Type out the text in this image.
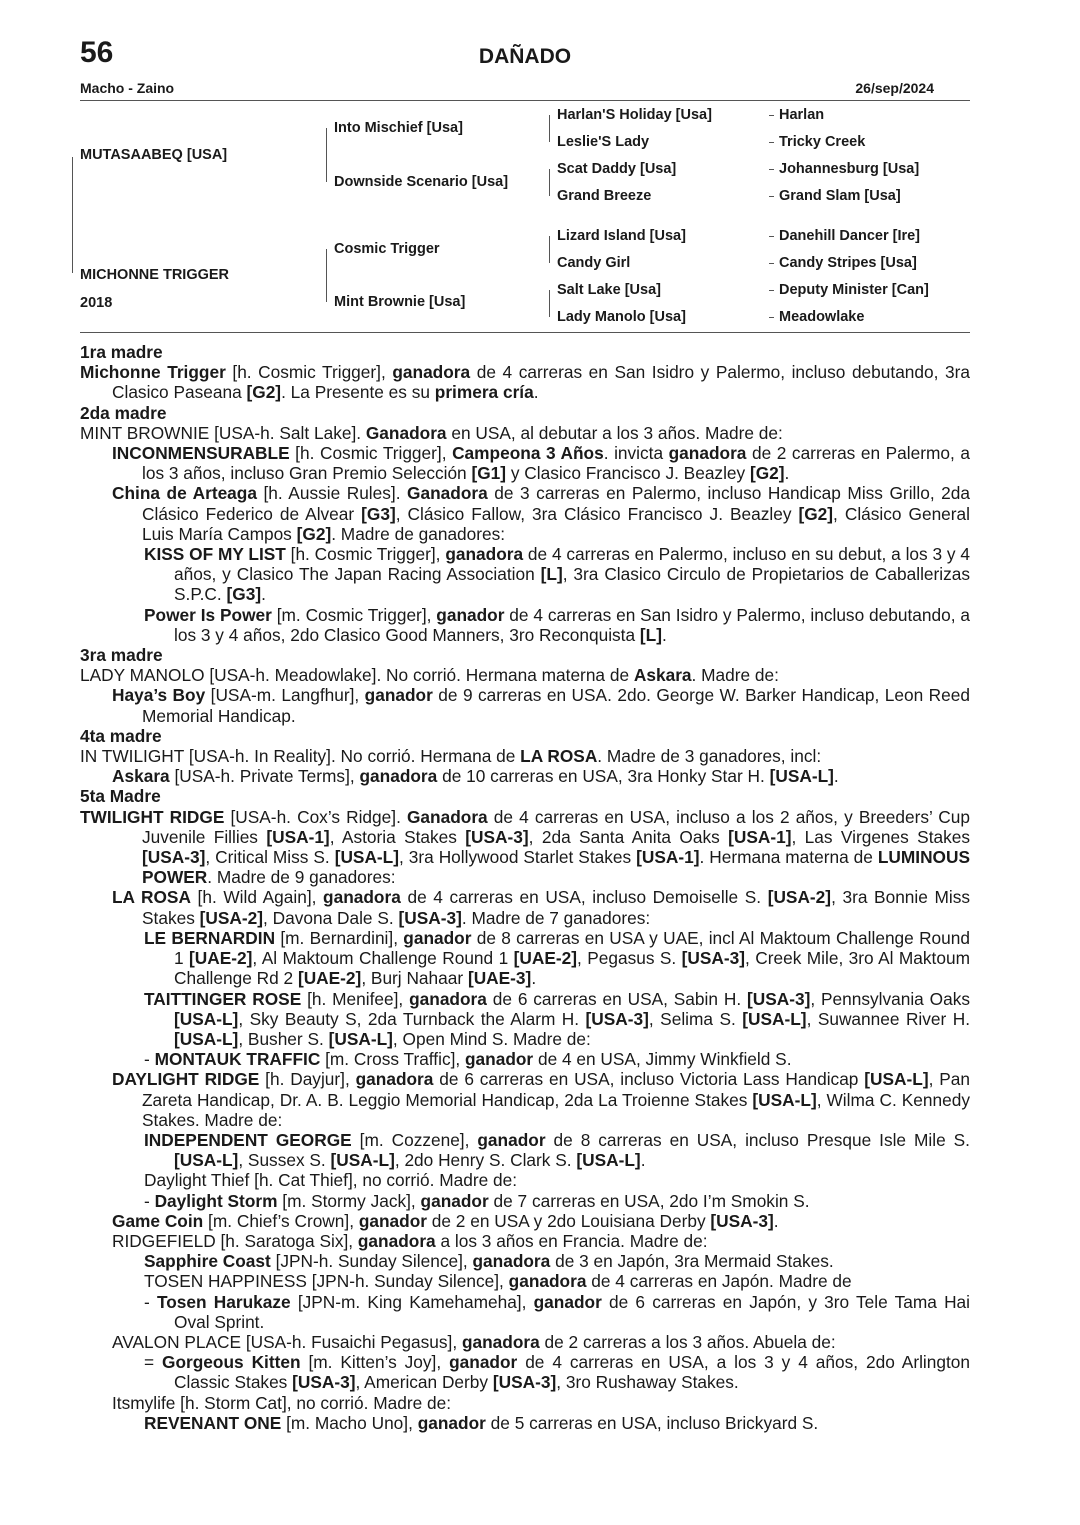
56	DAÑADO
Macho - Zaino	26/sep/2024
MUTASAABEQ [USA]
MICHONNE TRIGGER
2018
Into Mischief [Usa]
Downside Scenario [Usa]
Cosmic Trigger
Mint Brownie [Usa]
Harlan'S Holiday [Usa]
Leslie'S Lady
Scat Daddy [Usa]
Grand Breeze
Lizard Island [Usa]
Candy Girl
Salt Lake [Usa]
Lady Manolo [Usa]
Harlan
Tricky Creek
Johannesburg [Usa]
Grand Slam [Usa]
Danehill Dancer [Ire]
Candy Stripes [Usa]
Deputy Minister [Can]
Meadowlake
1ra madre
Michonne Trigger [h. Cosmic Trigger], ganadora de 4 carreras en San Isidro y Palermo, incluso debutando, 3ra Clasico Paseana [G2]. La Presente es su primera cría.
2da madre
MINT BROWNIE [USA-h. Salt Lake]. Ganadora en USA, al debutar a los 3 años. Madre de:
INCONMENSURABLE [h. Cosmic Trigger], Campeona 3 Años. invicta ganadora de 2 carreras en Palermo, a los 3 años, incluso Gran Premio Selección [G1] y Clasico Francisco J. Beazley [G2].
China de Arteaga [h. Aussie Rules]. Ganadora de 3 carreras en Palermo, incluso Handicap Miss Grillo, 2da Clásico Federico de Alvear [G3], Clásico Fallow, 3ra Clásico Francisco J. Beazley [G2], Clásico General Luis María Campos [G2]. Madre de ganadores:
KISS OF MY LIST [h. Cosmic Trigger], ganadora de 4 carreras en Palermo, incluso en su debut, a los 3 y 4 años, y Clasico The Japan Racing Association [L], 3ra Clasico Circulo de Propietarios de Caballerizas S.P.C. [G3].
Power Is Power [m. Cosmic Trigger], ganador de 4 carreras en San Isidro y Palermo, incluso debutando, a los 3 y 4 años, 2do Clasico Good Manners, 3ro Reconquista [L].
3ra madre
LADY MANOLO [USA-h. Meadowlake]. No corrió. Hermana materna de Askara. Madre de:
Haya’s Boy [USA-m. Langfhur], ganador de 9 carreras en USA. 2do. George W. Barker Handicap, Leon Reed Memorial Handicap.
4ta madre
IN TWILIGHT [USA-h. In Reality]. No corrió. Hermana de LA ROSA. Madre de 3 ganadores, incl:
Askara [USA-h. Private Terms], ganadora de 10 carreras en USA, 3ra Honky Star H. [USA-L].
5ta Madre
TWILIGHT RIDGE [USA-h. Cox’s Ridge]. Ganadora de 4 carreras en USA, incluso a los 2 años, y Breeders’ Cup Juvenile Fillies [USA-1], Astoria Stakes [USA-3], 2da Santa Anita Oaks [USA-1], Las Virgenes Stakes [USA-3], Critical Miss S. [USA-L], 3ra Hollywood Starlet Stakes [USA-1]. Hermana materna de LUMINOUS POWER. Madre de 9 ganadores:
LA ROSA [h. Wild Again], ganadora de 4 carreras en USA, incluso Demoiselle S. [USA-2], 3ra Bonnie Miss Stakes [USA-2], Davona Dale S. [USA-3]. Madre de 7 ganadores:
LE BERNARDIN [m. Bernardini], ganador de 8 carreras en USA y UAE, incl Al Maktoum Challenge Round 1 [UAE-2], Al Maktoum Challenge Round 1 [UAE-2], Pegasus S. [USA-3], Creek Mile, 3ro Al Maktoum Challenge Rd 2 [UAE-2], Burj Nahaar [UAE-3].
TAITTINGER ROSE [h. Menifee], ganadora de 6 carreras en USA, Sabin H. [USA-3], Pennsylvania Oaks [USA-L], Sky Beauty S, 2da Turnback the Alarm H. [USA-3], Selima S. [USA-L], Suwannee River H. [USA-L], Busher S. [USA-L], Open Mind S. Madre de:
- MONTAUK TRAFFIC [m. Cross Traffic], ganador de 4 en USA, Jimmy Winkfield S.
DAYLIGHT RIDGE [h. Dayjur], ganadora de 6 carreras en USA, incluso Victoria Lass Handicap [USA-L], Pan Zareta Handicap, Dr. A. B. Leggio Memorial Handicap, 2da La Troienne Stakes [USA-L], Wilma C. Kennedy Stakes. Madre de:
INDEPENDENT GEORGE [m. Cozzene], ganador de 8 carreras en USA, incluso Presque Isle Mile S. [USA-L], Sussex S. [USA-L], 2do Henry S. Clark S. [USA-L].
Daylight Thief [h. Cat Thief], no corrió. Madre de:
- Daylight Storm [m. Stormy Jack], ganador de 7 carreras en USA, 2do I’m Smokin S.
Game Coin [m. Chief’s Crown], ganador de 2 en USA y 2do Louisiana Derby [USA-3].
RIDGEFIELD [h. Saratoga Six], ganadora a los 3 años en Francia. Madre de:
Sapphire Coast [JPN-h. Sunday Silence], ganadora de 3 en Japón, 3ra Mermaid Stakes.
TOSEN HAPPINESS [JPN-h. Sunday Silence], ganadora de 4 carreras en Japón. Madre de
- Tosen Harukaze [JPN-m. King Kamehameha], ganador de 6 carreras en Japón, y 3ro Tele Tama Hai Oval Sprint.
AVALON PLACE [USA-h. Fusaichi Pegasus], ganadora de 2 carreras a los 3 años. Abuela de:
= Gorgeous Kitten [m. Kitten’s Joy], ganador de 4 carreras en USA, a los 3 y 4 años, 2do Arlington Classic Stakes [USA-3], American Derby [USA-3], 3ro Rushaway Stakes.
Itsmylife [h. Storm Cat], no corrió. Madre de:
REVENANT ONE [m. Macho Uno], ganador de 5 carreras en USA, incluso Brickyard S.
